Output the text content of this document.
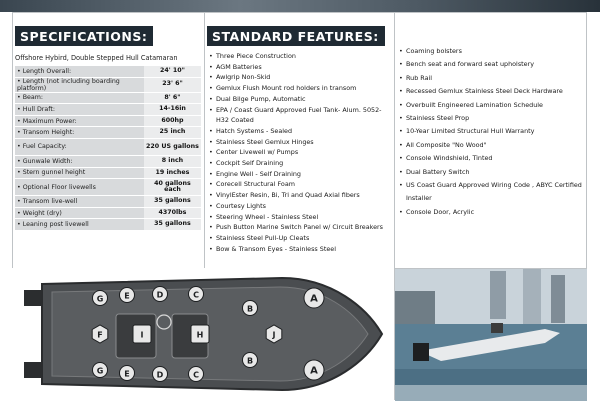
SPECIFICATIONS:
Offshore Hybird, Double Stepped Hull Catamaran
• Length Overall:	24' 10"
• Length (not including boarding platform)	23' 6"
• Beam:	8' 6"
• Hull Draft:	14-16in
• Maximum Power:	600hp
• Transom Height:	25 inch
• Fuel Capacity:	220 US gallons
• Gunwale Width:	8 inch
• Stern gunnel height	19 inches
• Optional Floor livewells	40 gallons each
• Transom live-well	35 gallons
• Weight (dry)	4370lbs
• Leaning post livewell	35 gallons
STANDARD FEATURES:
• Three Piece Construction
• AGM Batteries
• Awlgrip Non-Skid
• Gemlux Flush Mount rod holders in transom
• Dual Bilge Pump, Automatic
• EPA / Coast Guard Approved Fuel Tank- Alum. 5052-H32 Coated
• Hatch Systems - Sealed
• Stainless Steel Gemlux Hinges
• Center Livewell w/ Pumps
• Cockpit Self Draining
• Engine Well - Self Draining
• Corecell Structural Foam
• VinylEster Resin, Bi, Tri and Quad Axial fibers
• Courtesy Lights
• Steering Wheel - Stainless Steel
• Push Button Marine Switch Panel w/ Circuit Breakers
• Stainless Steel Pull-Up Cleats
• Bow & Transom Eyes - Stainless Steel
• Coaming bolsters
• Bench seat and forward seat upholstery
• Rub Rail
• Recessed Gemlux Stainless Steel Deck Hardware
• Overbuilt Engineered Lamination Schedule
• Stainless Steel Prop
• 10-Year Limited Structural Hull Warranty
• All Composite "No Wood"
• Console Windshield, Tinted
• Dual Battery Switch
• US Coast Guard Approved Wiring Code , ABYC Certified Installer
• Console Door, Acrylic
G	E	D	C	A
F	I	H	J
G	E	D	C	A
B
B
